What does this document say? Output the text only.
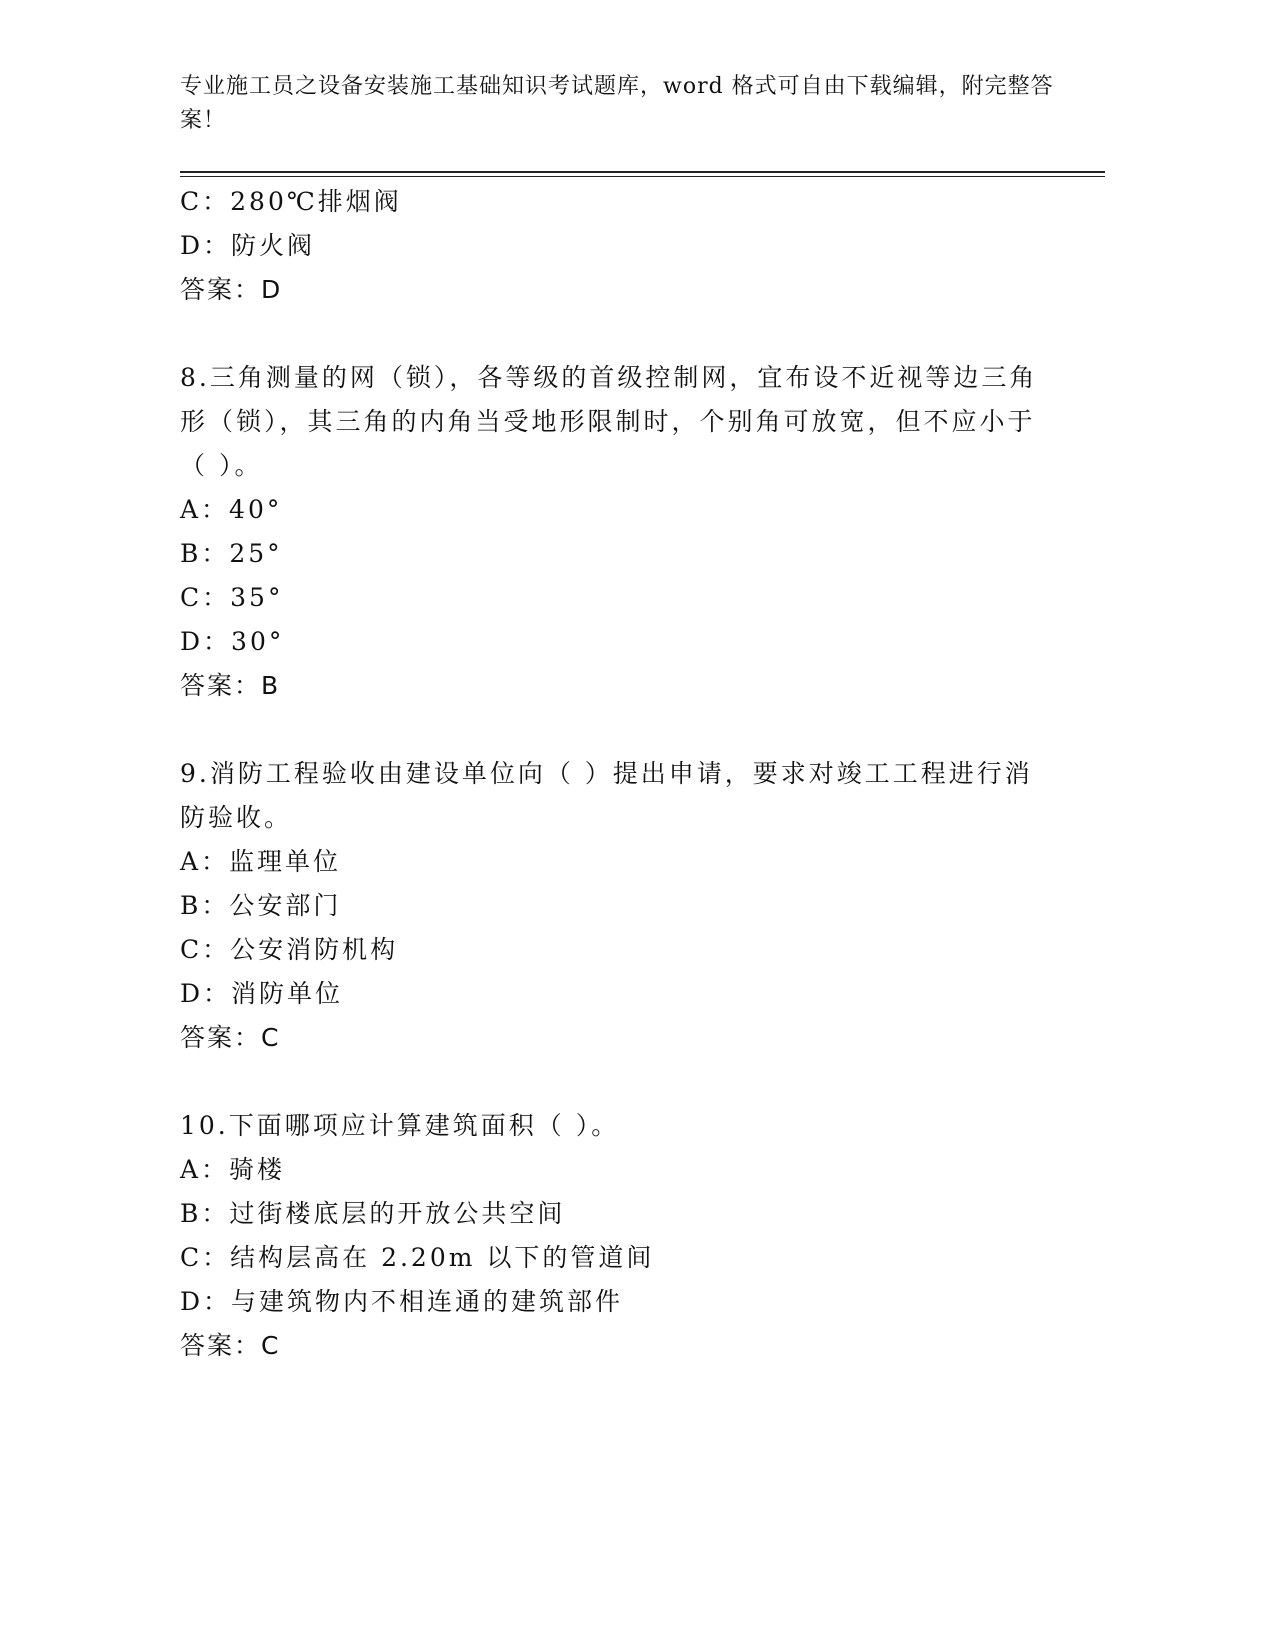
专业施工员之设备安装施工基础知识考试题库，word 格式可自由下载编辑，附完整答案！
C：280℃排烟阀
D：防火阀
答案：D
8.三角测量的网（锁），各等级的首级控制网，宜布设不近视等边三角形（锁），其三角的内角当受地形限制时，个别角可放宽，但不应小于（ ）。
A：40°
B：25°
C：35°
D：30°
答案：B
9.消防工程验收由建设单位向（ ）提出申请，要求对竣工工程进行消防验收。
A：监理单位
B：公安部门
C：公安消防机构
D：消防单位
答案：C
10.下面哪项应计算建筑面积（ ）。
A：骑楼
B：过街楼底层的开放公共空间
C：结构层高在 2.20m 以下的管道间
D：与建筑物内不相连通的建筑部件
答案：C
